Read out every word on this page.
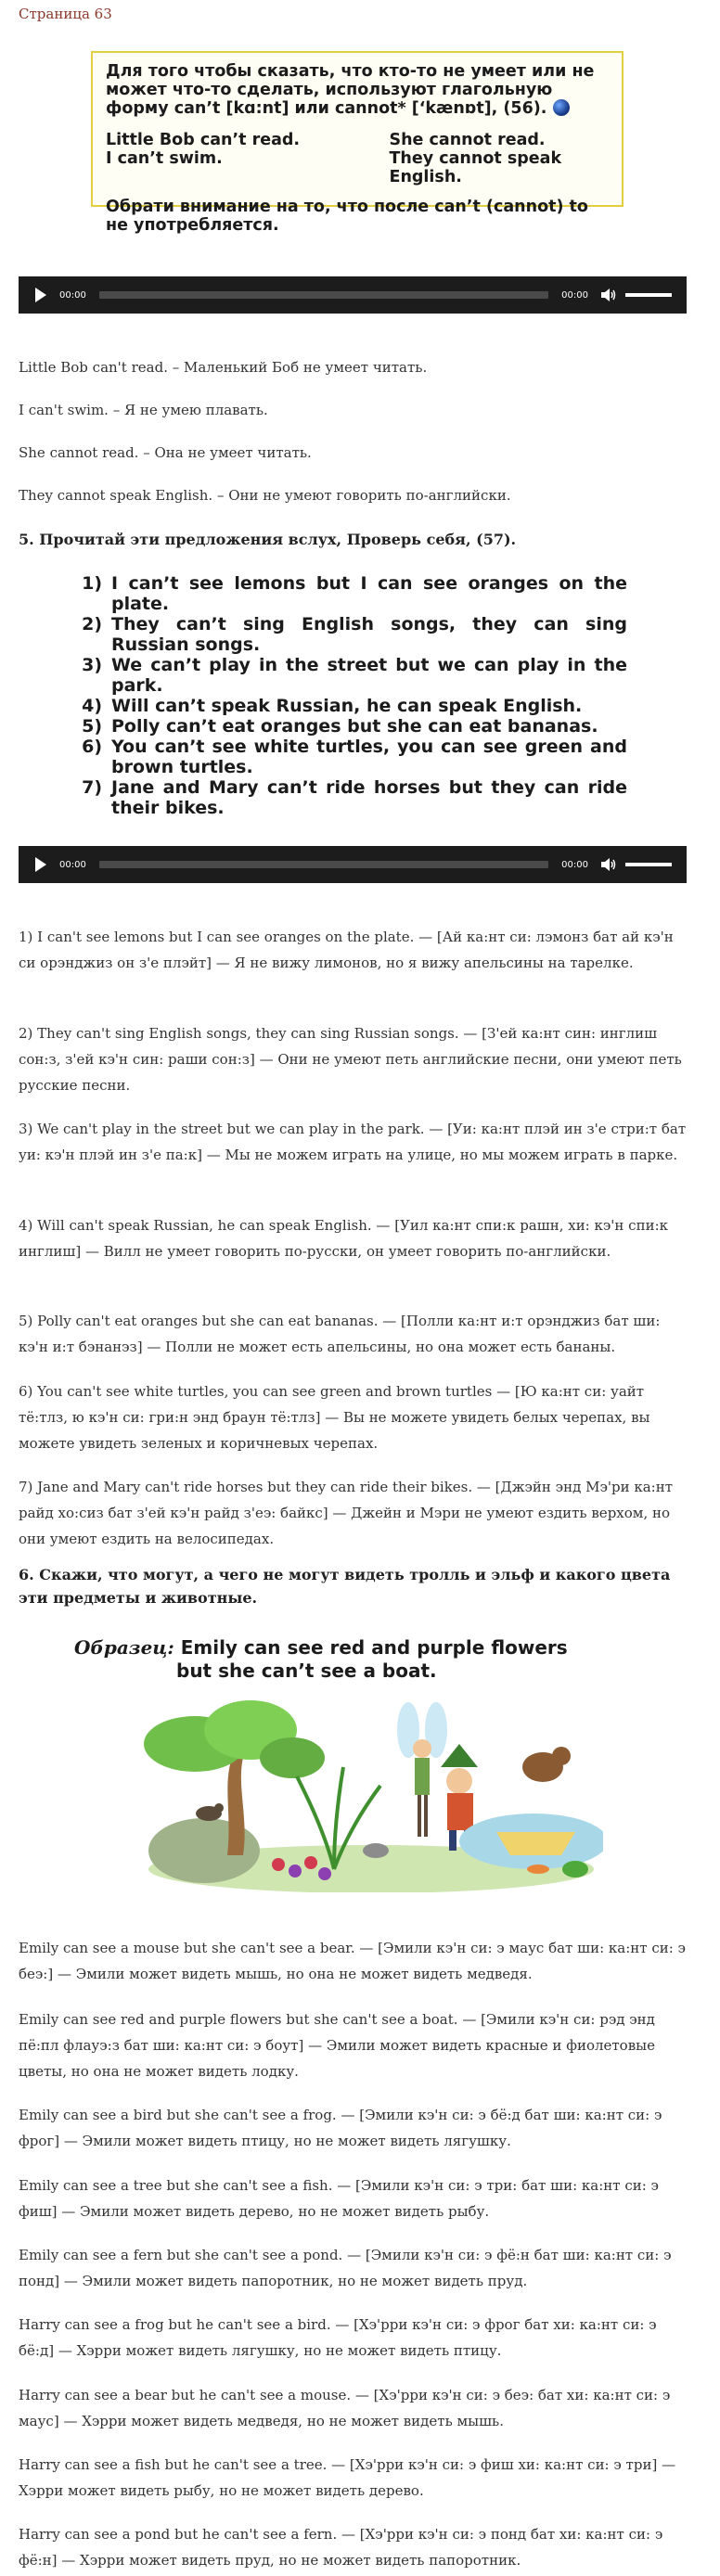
Страница 63
Для того чтобы сказать, что кто-то не умеет или не может что-то сделать, используют глагольную форму can’t [kɑ:nt] или cannot* [‘kænɒt], (56).
Little Bob can’t read.
I can’t swim.
She cannot read.
They cannot speak English.
Обрати внимание на то, что после can’t (cannot) to не употребляется.
00:00	00:00
Little Bob can't read. – Маленький Боб не умеет читать.
I can't swim. – Я не умею плавать.
She cannot read. – Она не умеет читать.
They cannot speak English. – Они не умеют говорить по-английски.
5. Прочитай эти предложения вслух, Проверь себя, (57).
1) I can’t see lemons but I can see oranges on the plate.
2) They can’t sing English songs, they can sing Russian songs.
3) We can’t play in the street but we can play in the park.
4) Will can’t speak Russian, he can speak English.
5) Polly can’t eat oranges but she can eat bananas.
6) You can’t see white turtles, you can see green and brown turtles.
7) Jane and Mary can’t ride horses but they can ride their bikes.
00:00	00:00
1) I can't see lemons but I can see oranges on the plate. — [Ай ка:нт си: лэмонз бат ай кэ'н си орэнджиз он з'е плэйт] — Я не вижу лимонов, но я вижу апельсины на тарелке.
2) They can't sing English songs, they can sing Russian songs. — [З'ей ка:нт син: инглиш сон:з, з'ей кэ'н син: раши сон:з] — Они не умеют петь английские песни, они умеют петь русские песни.
3) We can't play in the street but we can play in the park. — [Уи: ка:нт плэй ин з'е стри:т бат уи: кэ'н плэй ин з'е па:к] — Мы не можем играть на улице, но мы можем играть в парке.
4) Will can't speak Russian, he can speak English. — [Уил ка:нт спи:к рашн, хи: кэ'н спи:к инглиш] — Вилл не умеет говорить по-русски, он умеет говорить по-английски.
5) Polly can't eat oranges but she can eat bananas. — [Полли ка:нт и:т орэнджиз бат ши: кэ'н и:т бэнанэз] — Полли не может есть апельсины, но она может есть бананы.
6) You can't see white turtles, you can see green and brown turtles — [Ю ка:нт си: уайт тё:тлз, ю кэ'н си: гри:н энд браун тё:тлз] — Вы не можете увидеть белых черепах, вы можете увидеть зеленых и коричневых черепах.
7) Jane and Mary can't ride horses but they can ride their bikes. — [Джэйн энд Мэ'ри ка:нт райд хо:сиз бат з'ей кэ'н райд з'еэ: байкс] — Джейн и Мэри не умеют ездить верхом, но они умеют ездить на велосипедах.
6. Скажи, что могут, а чего не могут видеть тролль и эльф и какого цвета эти предметы и животные.
Образец: Emily can see red and purple flowers
but she can’t see a boat.
Emily can see a mouse but she can't see a bear. — [Эмили кэ'н си: э маус бат ши: ка:нт си: э беэ:] — Эмили может видеть мышь, но она не может видеть медведя.
Emily can see red and purple flowers but she can't see a boat. — [Эмили кэ'н си: рэд энд пё:пл флауэ:з бат ши: ка:нт си: э боут] — Эмили может видеть красные и фиолетовые цветы, но она не может видеть лодку.
Emily can see a bird but she can't see a frog. — [Эмили кэ'н си: э бё:д бат ши: ка:нт си: э фрог] — Эмили может видеть птицу, но не может видеть лягушку.
Emily can see a tree but she can't see a fish. — [Эмили кэ'н си: э три: бат ши: ка:нт си: э фиш] — Эмили может видеть дерево, но не может видеть рыбу.
Emily can see a fern but she can't see a pond. — [Эмили кэ'н си: э фё:н бат ши: ка:нт си: э понд] — Эмили может видеть папоротник, но не может видеть пруд.
Harry can see a frog but he can't see a bird. — [Хэ'рри кэ'н си: э фрог бат хи: ка:нт си: э бё:д] — Хэрри может видеть лягушку, но не может видеть птицу.
Harry can see a bear but he can't see a mouse. — [Хэ'рри кэ'н си: э беэ: бат хи: ка:нт си: э маус] — Хэрри может видеть медведя, но не может видеть мышь.
Harry can see a fish but he can't see a tree. — [Хэ'рри кэ'н си: э фиш хи: ка:нт си: э три] — Хэрри может видеть рыбу, но не может видеть дерево.
Harry can see a pond but he can't see a fern. — [Хэ'рри кэ'н си: э понд бат хи: ка:нт си: э фё:н] — Хэрри может видеть пруд, но не может видеть папоротник.
